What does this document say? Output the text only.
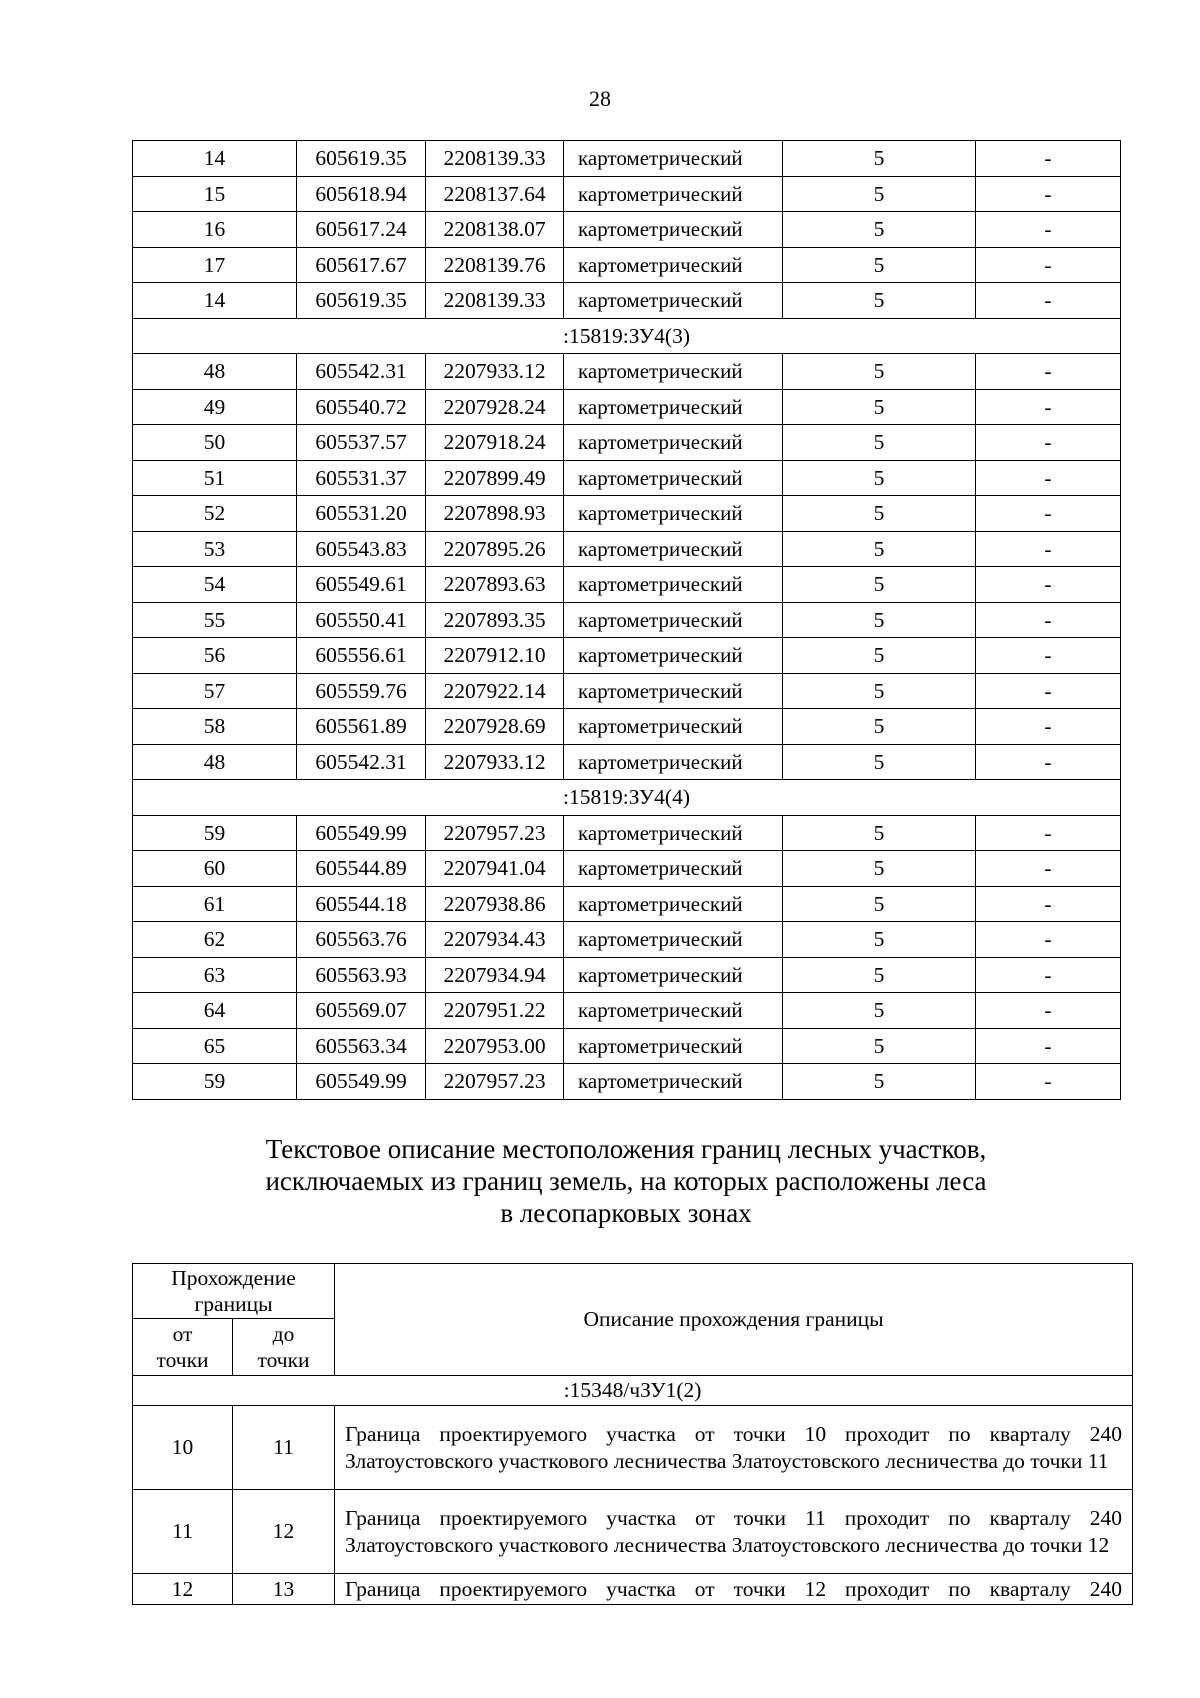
28
14	605619.35	2208139.33	картометрический	5	-
15	605618.94	2208137.64	картометрический	5	-
16	605617.24	2208138.07	картометрический	5	-
17	605617.67	2208139.76	картометрический	5	-
14	605619.35	2208139.33	картометрический	5	-
:15819:ЗУ4(3)					
48	605542.31	2207933.12	картометрический	5	-
49	605540.72	2207928.24	картометрический	5	-
50	605537.57	2207918.24	картометрический	5	-
51	605531.37	2207899.49	картометрический	5	-
52	605531.20	2207898.93	картометрический	5	-
53	605543.83	2207895.26	картометрический	5	-
54	605549.61	2207893.63	картометрический	5	-
55	605550.41	2207893.35	картометрический	5	-
56	605556.61	2207912.10	картометрический	5	-
57	605559.76	2207922.14	картометрический	5	-
58	605561.89	2207928.69	картометрический	5	-
48	605542.31	2207933.12	картометрический	5	-
:15819:ЗУ4(4)					
59	605549.99	2207957.23	картометрический	5	-
60	605544.89	2207941.04	картометрический	5	-
61	605544.18	2207938.86	картометрический	5	-
62	605563.76	2207934.43	картометрический	5	-
63	605563.93	2207934.94	картометрический	5	-
64	605569.07	2207951.22	картометрический	5	-
65	605563.34	2207953.00	картометрический	5	-
59	605549.99	2207957.23	картометрический	5	-
Текстовое описание местоположения границ лесных участков,
исключаемых из границ земель, на которых расположены леса
в лесопарковых зонах
Прохождение границы		Описание прохождения границы
от точки	до точки	
:15348/чЗУ1(2)		
10	11	Граница проектируемого участка от точки 10 проходит по кварталу 240 Златоустовского участкового лесничества Златоустовского лесничества до точки 11
11	12	Граница проектируемого участка от точки 11 проходит по кварталу 240 Златоустовского участкового лесничества Златоустовского лесничества до точки 12
12	13	Граница проектируемого участка от точки 12 проходит по кварталу 240
